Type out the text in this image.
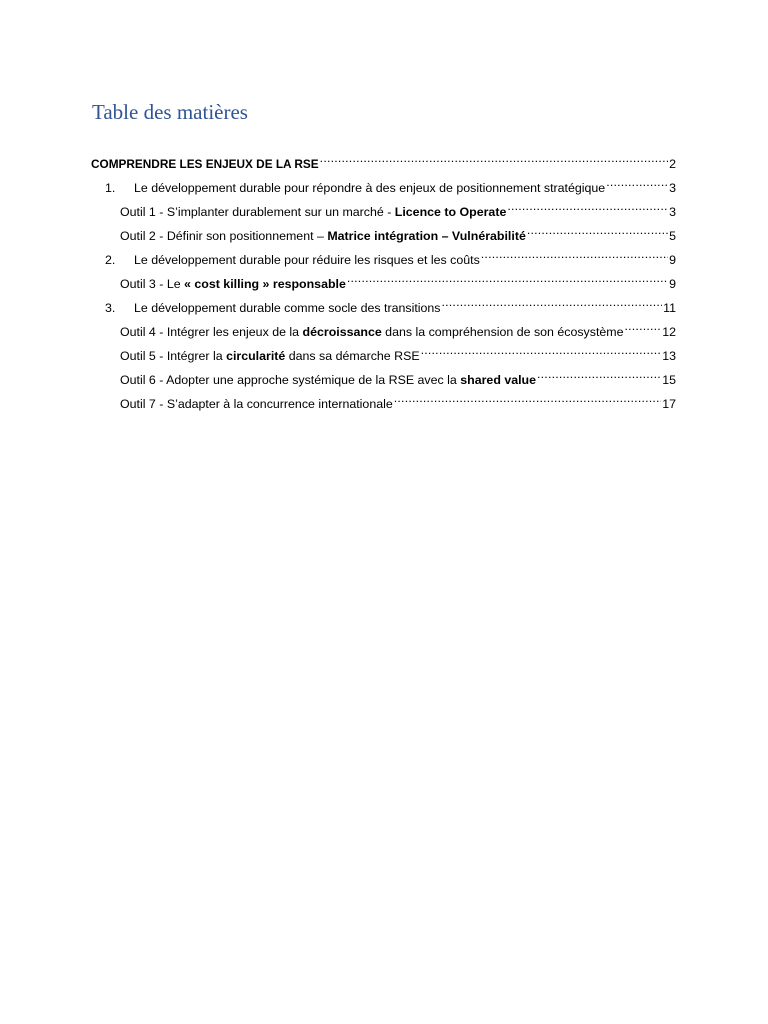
Table des matières
COMPRENDRE LES ENJEUX DE LA RSE .....	2
1.	Le développement durable pour répondre à des enjeux de positionnement stratégique .....	3
Outil 1 - S’implanter durablement sur un marché - Licence to Operate .....	3
Outil 2 - Définir son positionnement – Matrice intégration – Vulnérabilité .....	5
2.	Le développement durable pour réduire les risques et les coûts .....	9
Outil 3 - Le « cost killing » responsable .....	9
3.	Le développement durable comme socle des transitions .....	11
Outil 4 - Intégrer les enjeux de la décroissance dans la compréhension de son écosystème .....	12
Outil 5 - Intégrer la circularité dans sa démarche RSE .....	13
Outil 6 - Adopter une approche systémique de la RSE avec la shared value .....	15
Outil 7 - S’adapter à la concurrence internationale .....	17
